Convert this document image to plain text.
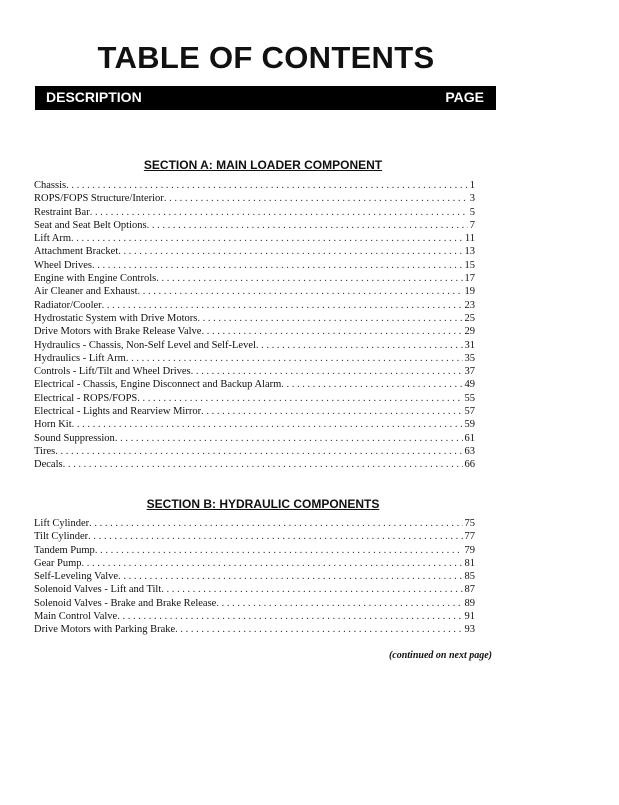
TABLE OF CONTENTS
DESCRIPTION	PAGE
SECTION A: MAIN LOADER COMPONENT
Chassis . . .	1
ROPS/FOPS Structure/Interior . . .	3
Restraint Bar . . .	5
Seat and Seat Belt Options . . .	7
Lift Arm . . .	11
Attachment Bracket . . .	13
Wheel Drives . . .	15
Engine with Engine Controls . . .	17
Air Cleaner and Exhaust . . .	19
Radiator/Cooler . . .	23
Hydrostatic System with Drive Motors . . .	25
Drive Motors with Brake Release Valve . . .	29
Hydraulics - Chassis, Non-Self Level and Self-Level . . .	31
Hydraulics - Lift Arm . . .	35
Controls - Lift/Tilt and Wheel Drives . . .	37
Electrical - Chassis, Engine Disconnect and Backup Alarm . . .	49
Electrical - ROPS/FOPS . . .	55
Electrical - Lights and Rearview Mirror . . .	57
Horn Kit . . .	59
Sound Suppression . . .	61
Tires . . .	63
Decals . . .	66
SECTION B: HYDRAULIC COMPONENTS
Lift Cylinder . . .	75
Tilt Cylinder . . .	77
Tandem Pump . . .	79
Gear Pump . . .	81
Self-Leveling Valve . . .	85
Solenoid Valves - Lift and Tilt . . .	87
Solenoid Valves - Brake and Brake Release . . .	89
Main Control Valve . . .	91
Drive Motors with Parking Brake . . .	93
(continued on next page)
